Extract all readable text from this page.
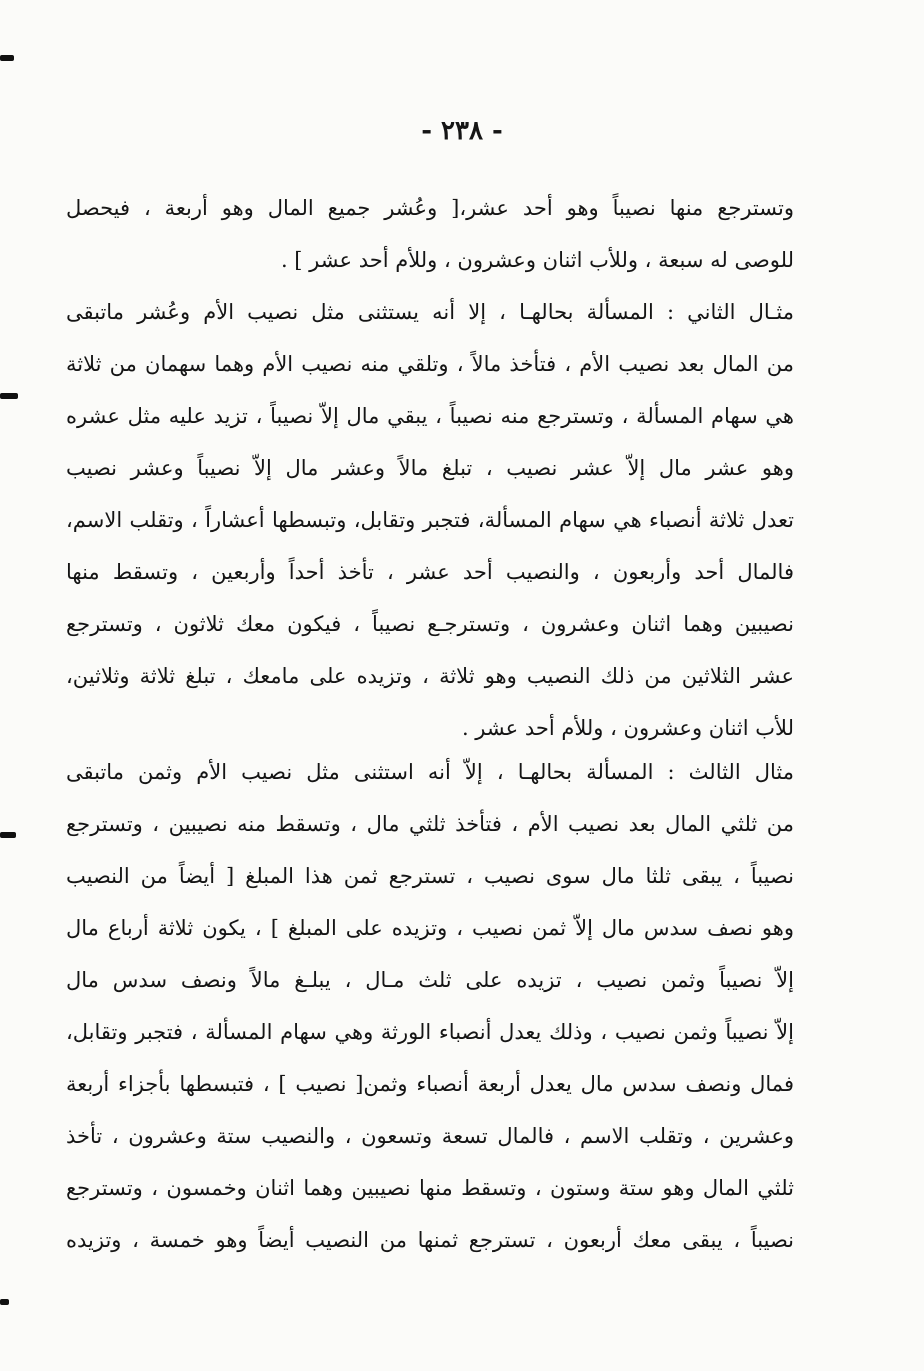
- ٢٣٨ -
وتسترجع منها نصيباً وهو أحد عشر،[ وعُشر جميع المال وهو أربعة ، فيحصل
للوصى له سبعة ، وللأب اثنان وعشرون ، وللأم أحد عشر ] .
مثـال الثاني : المسألة بحالهـا ، إلا أنه يستثنى مثل نصيب الأم وعُشر ماتبقى
من المال بعد نصيب الأم ، فتأخذ مالاً ، وتلقي منه نصيب الأم وهما سهمان من ثلاثة
هي سهام المسألة ، وتسترجع منه نصيباً ، يبقي مال إلاّ نصيباً ، تزيد عليه مثل عشره
وهو عشر مال إلاّ عشر نصيب ، تبلغ مالاً وعشر مال إلاّ نصيباً وعشر نصيب
تعدل ثلاثة أنصباء هي سهام المسألة، فتجبر وتقابل، وتبسطها أعشاراً ، وتقلب الاسم،
فالمال أحد وأربعون ، والنصيب أحد عشر ، تأخذ أحداً وأربعين ، وتسقط منها
نصيبين وهما اثنان وعشرون ، وتسترجـع نصيباً ، فيكون معك ثلاثون ، وتسترجع
عشر الثلاثين من ذلك النصيب وهو ثلاثة ، وتزيده على مامعك ، تبلغ ثلاثة وثلاثين،
للأب اثنان وعشرون ، وللأم أحد عشر .
مثال الثالث : المسألة بحالهـا ، إلاّ أنه استثنى مثل نصيب الأم وثمن ماتبقى
من ثلثي المال بعد نصيب الأم ، فتأخذ ثلثي مال ، وتسقط منه نصيبين ، وتسترجع
نصيباً ، يبقى ثلثا مال سوى نصيب ، تسترجع ثمن هذا المبلغ [ أيضاً من النصيب
وهو نصف سدس مال إلاّ ثمن نصيب ، وتزيده على المبلغ ] ، يكون ثلاثة أرباع مال
إلاّ نصيباً وثمن نصيب ، تزيده على ثلث مـال ، يبلـغ مالاً ونصف سدس مال
إلاّ نصيباً وثمن نصيب ، وذلك يعدل أنصباء الورثة وهي سهام المسألة ، فتجبر وتقابل،
فمال ونصف سدس مال يعدل أربعة أنصباء وثمن[ نصيب ] ، فتبسطها بأجزاء أربعة
وعشرين ، وتقلب الاسم ، فالمال تسعة وتسعون ، والنصيب ستة وعشرون ، تأخذ
ثلثي المال وهو ستة وستون ، وتسقط منها نصيبين وهما اثنان وخمسون ، وتسترجع
نصيباً ، يبقى معك أربعون ، تسترجع ثمنها من النصيب أيضاً وهو خمسة ، وتزيده
